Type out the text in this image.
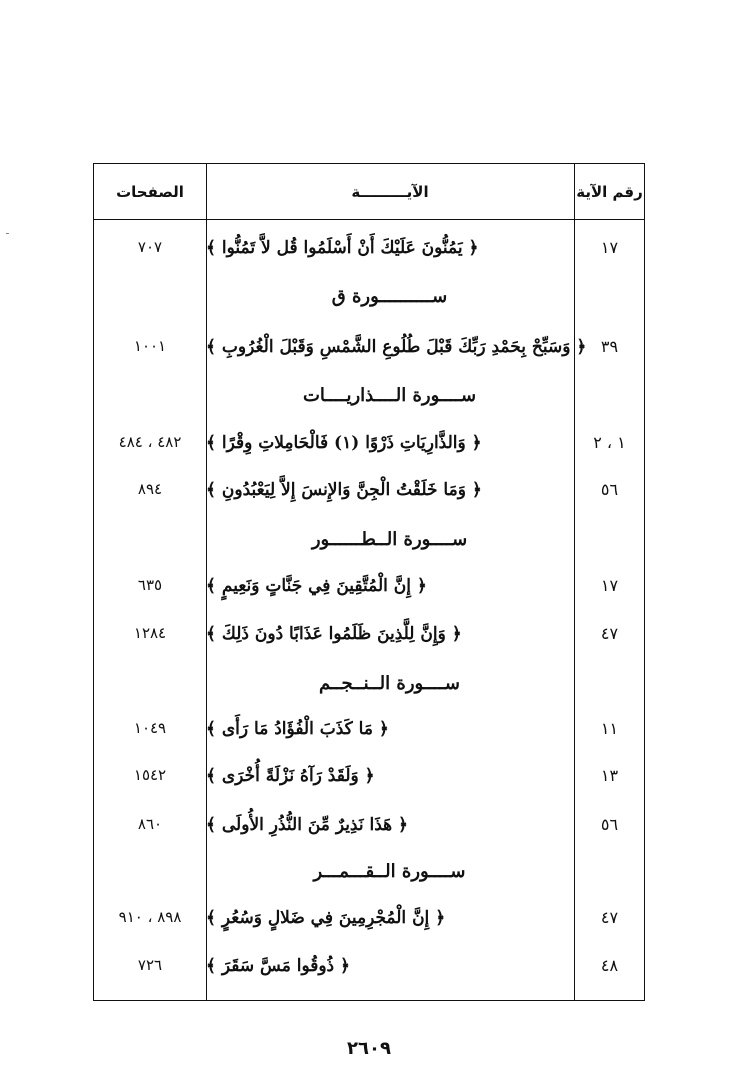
الصفحات	الآيـــــــــة	رقم الآية
١٧
﴿ يَمُنُّونَ عَلَيْكَ أَنْ أَسْلَمُوا قُل لاَّ تَمُنُّوا ﴾
٧٠٧
ســــــــــورة ق
٣٩
﴿ وَسَبِّحْ بِحَمْدِ رَبِّكَ قَبْلَ طُلُوعِ الشَّمْسِ وَقَبْلَ الْغُرُوبِ ﴾
١٠٠١
ســــورة الــــذاريــــات
١ ، ٢
﴿ وَالذَّارِيَاتِ ذَرْوًا (١) فَالْحَامِلاتِ وِقْرًا ﴾
٤٨٢ ، ٤٨٤
٥٦
﴿ وَمَا خَلَقْتُ الْجِنَّ وَالإِنسَ إِلاَّ لِيَعْبُدُونِ ﴾
٨٩٤
ســــورة الــطــــــور
١٧
﴿ إِنَّ الْمُتَّقِينَ فِي جَنَّاتٍ وَنَعِيمٍ ﴾
٦٣٥
٤٧
﴿ وَإِنَّ لِلَّذِينَ ظَلَمُوا عَذَابًا دُونَ ذَلِكَ ﴾
١٢٨٤
ســــورة الــنــجــم
١١
﴿ مَا كَذَبَ الْفُؤَادُ مَا رَأَى ﴾
١٠٤٩
١٣
﴿ وَلَقَدْ رَآهُ نَزْلَةً أُخْرَى ﴾
١٥٤٢
٥٦
﴿ هَذَا نَذِيرٌ مِّنَ النُّذُرِ الأُولَى ﴾
٨٦٠
ســــورة الــقـــمـــر
٤٧
﴿ إِنَّ الْمُجْرِمِينَ فِي ضَلالٍ وَسُعُرٍ ﴾
٨٩٨ ، ٩١٠
٤٨
﴿ ذُوقُوا مَسَّ سَقَرَ ﴾
٧٢٦
٢٦٠٩
